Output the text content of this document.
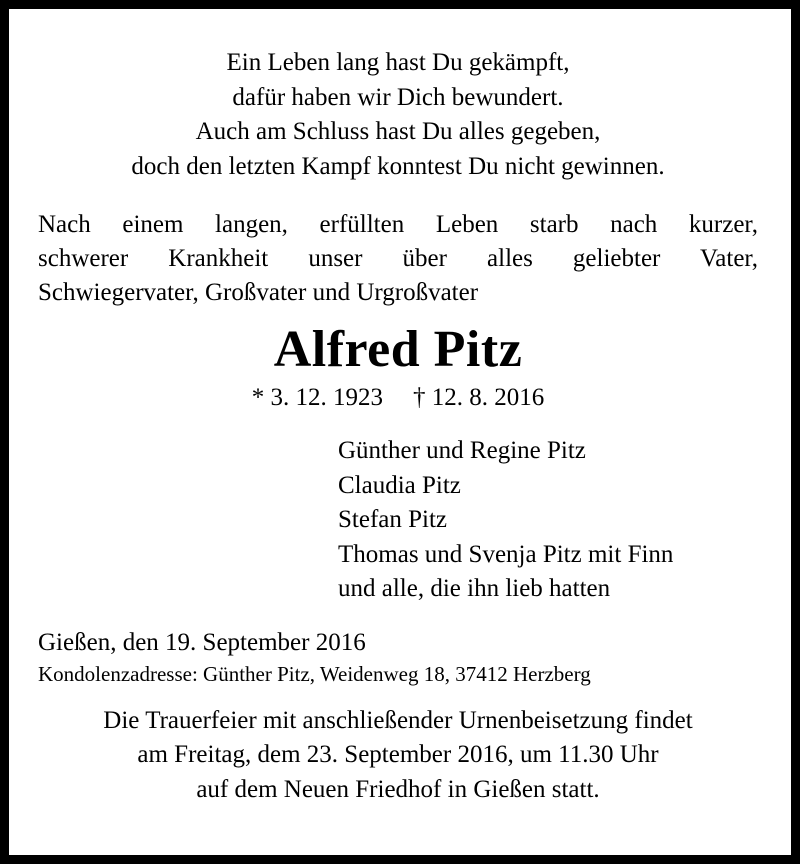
Ein Leben lang hast Du gekämpft,
dafür haben wir Dich bewundert.
Auch am Schluss hast Du alles gegeben,
doch den letzten Kampf konntest Du nicht gewinnen.
Nach einem langen, erfüllten Leben starb nach kurzer,
schwerer Krankheit unser über alles geliebter Vater,
Schwiegervater, Großvater und Urgroßvater
Alfred Pitz
* 3. 12. 1923 † 12. 8. 2016
Günther und Regine Pitz
Claudia Pitz
Stefan Pitz
Thomas und Svenja Pitz mit Finn
und alle, die ihn lieb hatten
Gießen, den 19. September 2016
Kondolenzadresse: Günther Pitz, Weidenweg 18, 37412 Herzberg
Die Trauerfeier mit anschließender Urnenbeisetzung findet
am Freitag, dem 23. September 2016, um 11.30 Uhr
auf dem Neuen Friedhof in Gießen statt.
